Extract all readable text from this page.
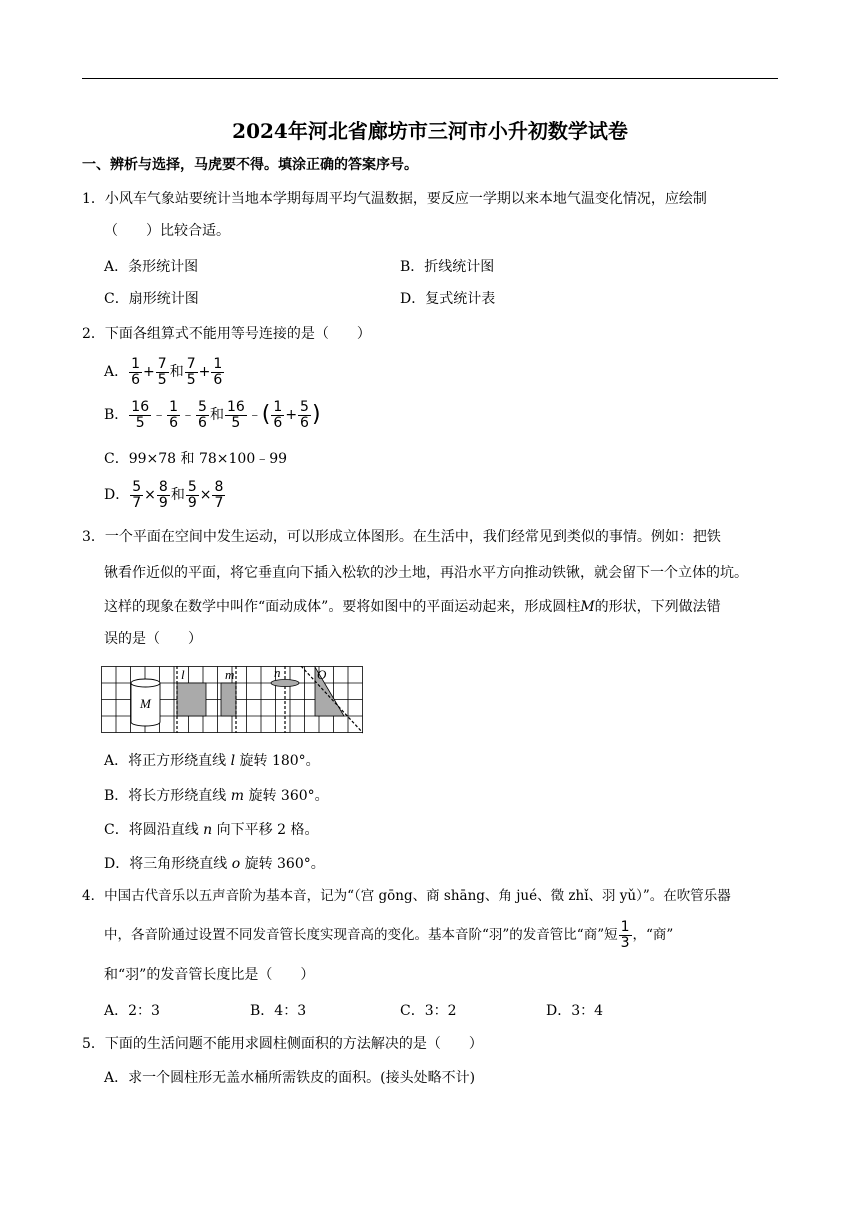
2024年河北省廊坊市三河市小升初数学试卷
一、辨析与选择，马虎要不得。填涂正确的答案序号。
1．小风车气象站要统计当地本学期每周平均气温数据，要反应一学期以来本地气温变化情况，应绘制
（　　）比较合适。
A．条形统计图	B．折线统计图
C．扇形统计图	D．复式统计表
2．下面各组算式不能用等号连接的是（　　）
A． $\frac{1}{6} + \frac{7}{5}$ 和 $\frac{7}{5} + \frac{1}{6}$
B． $\frac{16}{5}$ ﹣ $\frac{1}{6}$ ﹣ $\frac{5}{6}$ 和 $\frac{16}{5}$ ﹣( $\frac{1}{6} + \frac{5}{6}$ )
C．99×78 和 78×100﹣99
D． $\frac{5}{7} \times \frac{8}{9}$ 和 $\frac{5}{9} \times \frac{8}{7}$
3．一个平面在空间中发生运动，可以形成立体图形。在生活中，我们经常见到类似的事情。例如：把铁
锹看作近似的平面，将它垂直向下插入松软的沙土地，再沿水平方向推动铁锹，就会留下一个立体的坑。
这样的现象在数学中叫作“面动成体”。要将如图中的平面运动起来，形成圆柱M的形状，下列做法错
误的是（　　）
M
l	m	n	O
A．将正方形绕直线 l 旋转 180°。
B．将长方形绕直线 m 旋转 360°。
C．将圆沿直线 n 向下平移 2 格。
D．将三角形绕直线 o 旋转 360°。
4．中国古代音乐以五声音阶为基本音，记为“（宫 gōng、商 shāng、角 jué、徵 zhǐ、羽 yǔ）”。在吹管乐器
中，各音阶通过设置不同发音管长度实现音高的变化。基本音阶“羽”的发音管比“商”短 $\frac{1}{3}$ ，“商”
和“羽”的发音管长度比是（　　）
A．2：3	B．4：3	C．3：2	D．3：4
5．下面的生活问题不能用求圆柱侧面积的方法解决的是（　　）
A．求一个圆柱形无盖水桶所需铁皮的面积。(接头处略不计)
